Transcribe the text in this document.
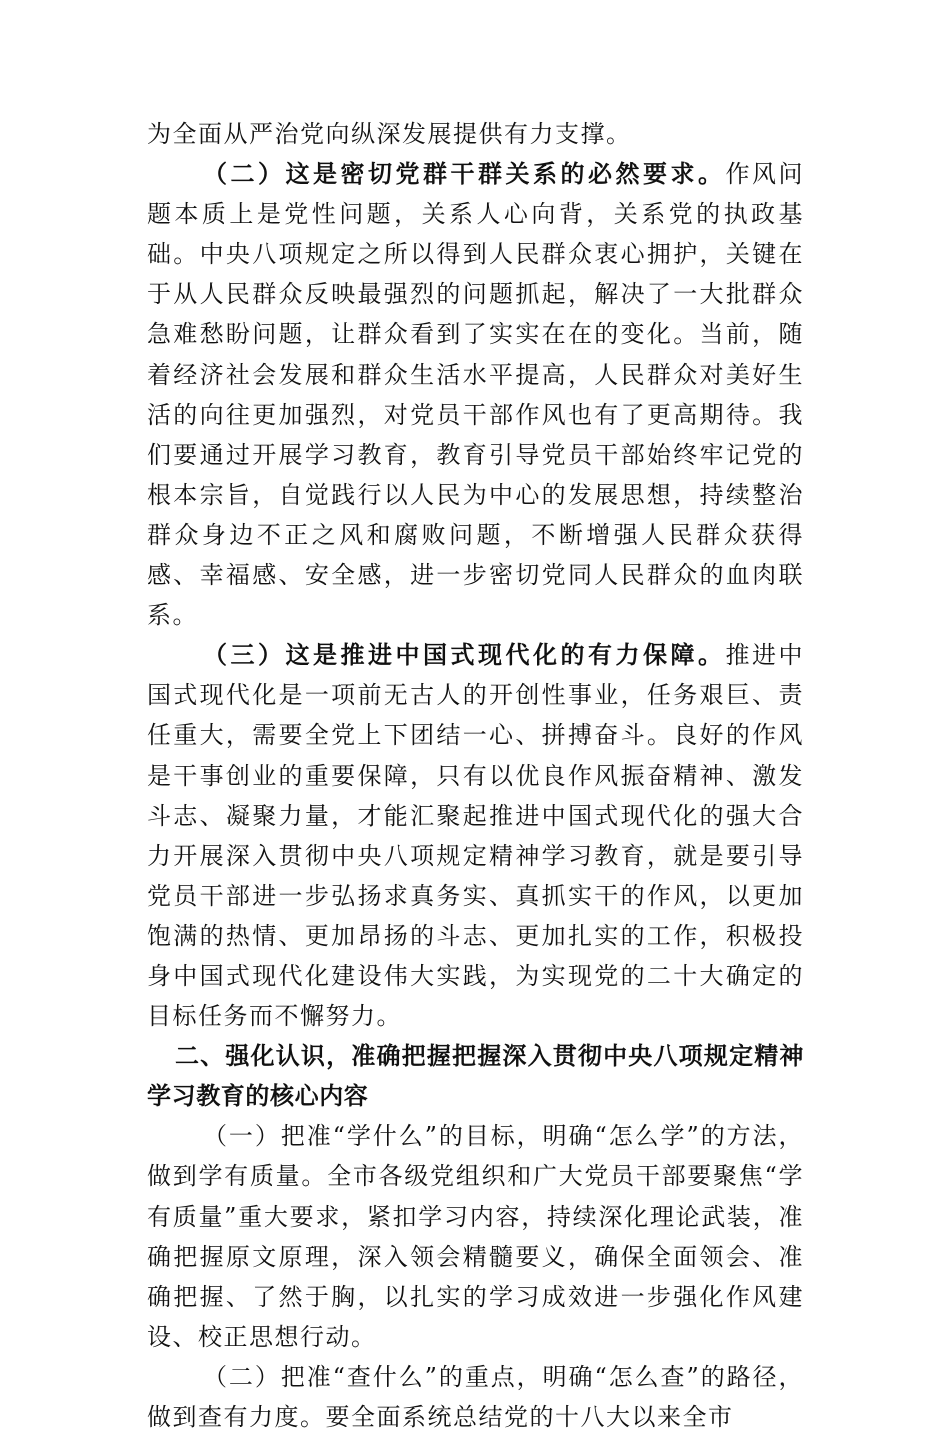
为全面从严治党向纵深发展提供有力支撑。

（二）这是密切党群干群关系的必然要求。作风问题本质上是党性问题，关系人心向背，关系党的执政基础。中央八项规定之所以得到人民群众衷心拥护，关键在于从人民群众反映最强烈的问题抓起，解决了一大批群众急难愁盼问题，让群众看到了实实在在的变化。当前，随着经济社会发展和群众生活水平提高，人民群众对美好生活的向往更加强烈，对党员干部作风也有了更高期待。我们要通过开展学习教育，教育引导党员干部始终牢记党的根本宗旨，自觉践行以人民为中心的发展思想，持续整治群众身边不正之风和腐败问题，不断增强人民群众获得感、幸福感、安全感，进一步密切党同人民群众的血肉联系。

（三）这是推进中国式现代化的有力保障。推进中国式现代化是一项前无古人的开创性事业，任务艰巨、责任重大，需要全党上下团结一心、拼搏奋斗。良好的作风是干事创业的重要保障，只有以优良作风振奋精神、激发斗志、凝聚力量，才能汇聚起推进中国式现代化的强大合力开展深入贯彻中央八项规定精神学习教育，就是要引导党员干部进一步弘扬求真务实、真抓实干的作风，以更加饱满的热情、更加昂扬的斗志、更加扎实的工作，积极投身中国式现代化建设伟大实践，为实现党的二十大确定的目标任务而不懈努力。

二、强化认识，准确把握把握深入贯彻中央八项规定精神学习教育的核心内容

（一）把准“学什么”的目标，明确“怎么学”的方法，做到学有质量。全市各级党组织和广大党员干部要聚焦“学有质量”重大要求，紧扣学习内容，持续深化理论武装，准确把握原文原理，深入领会精髓要义，确保全面领会、准确把握、了然于胸，以扎实的学习成效进一步强化作风建设、校正思想行动。

（二）把准“查什么”的重点，明确“怎么查”的路径，做到查有力度。要全面系统总结党的十八大以来全市
